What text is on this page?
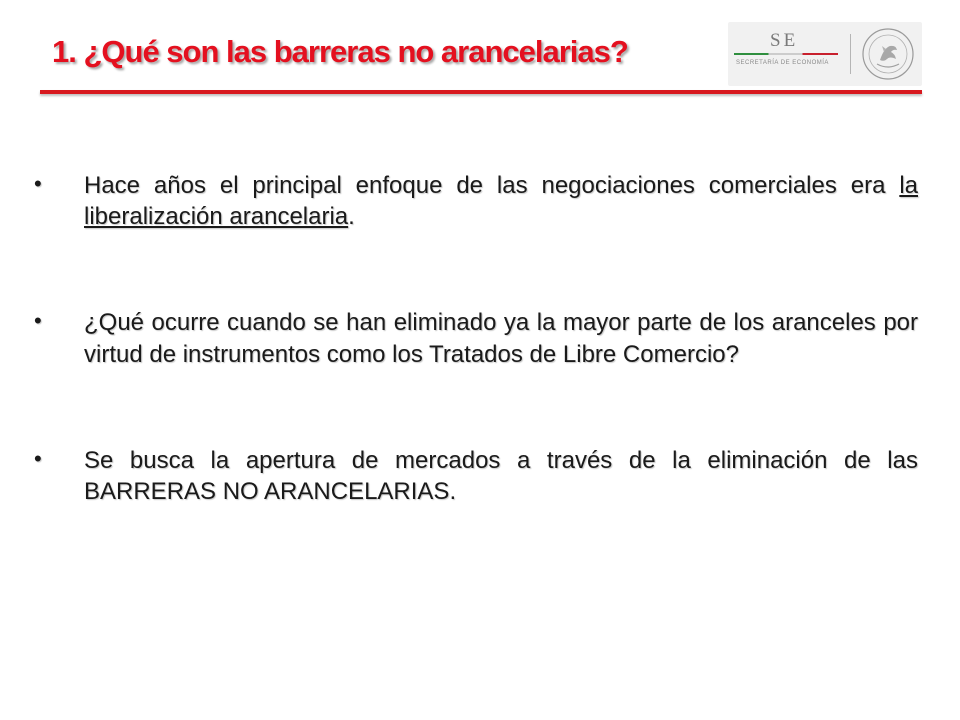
1. ¿Qué son las barreras no arancelarias?	SE
SECRETARÍA DE ECONOMÍA
• Hace años el principal enfoque de las negociaciones comerciales era la liberalización arancelaria.
• ¿Qué ocurre cuando se han eliminado ya la mayor parte de los aranceles por virtud de instrumentos como los Tratados de Libre Comercio?
• Se busca la apertura de mercados a través de la eliminación de las BARRERAS NO ARANCELARIAS.
